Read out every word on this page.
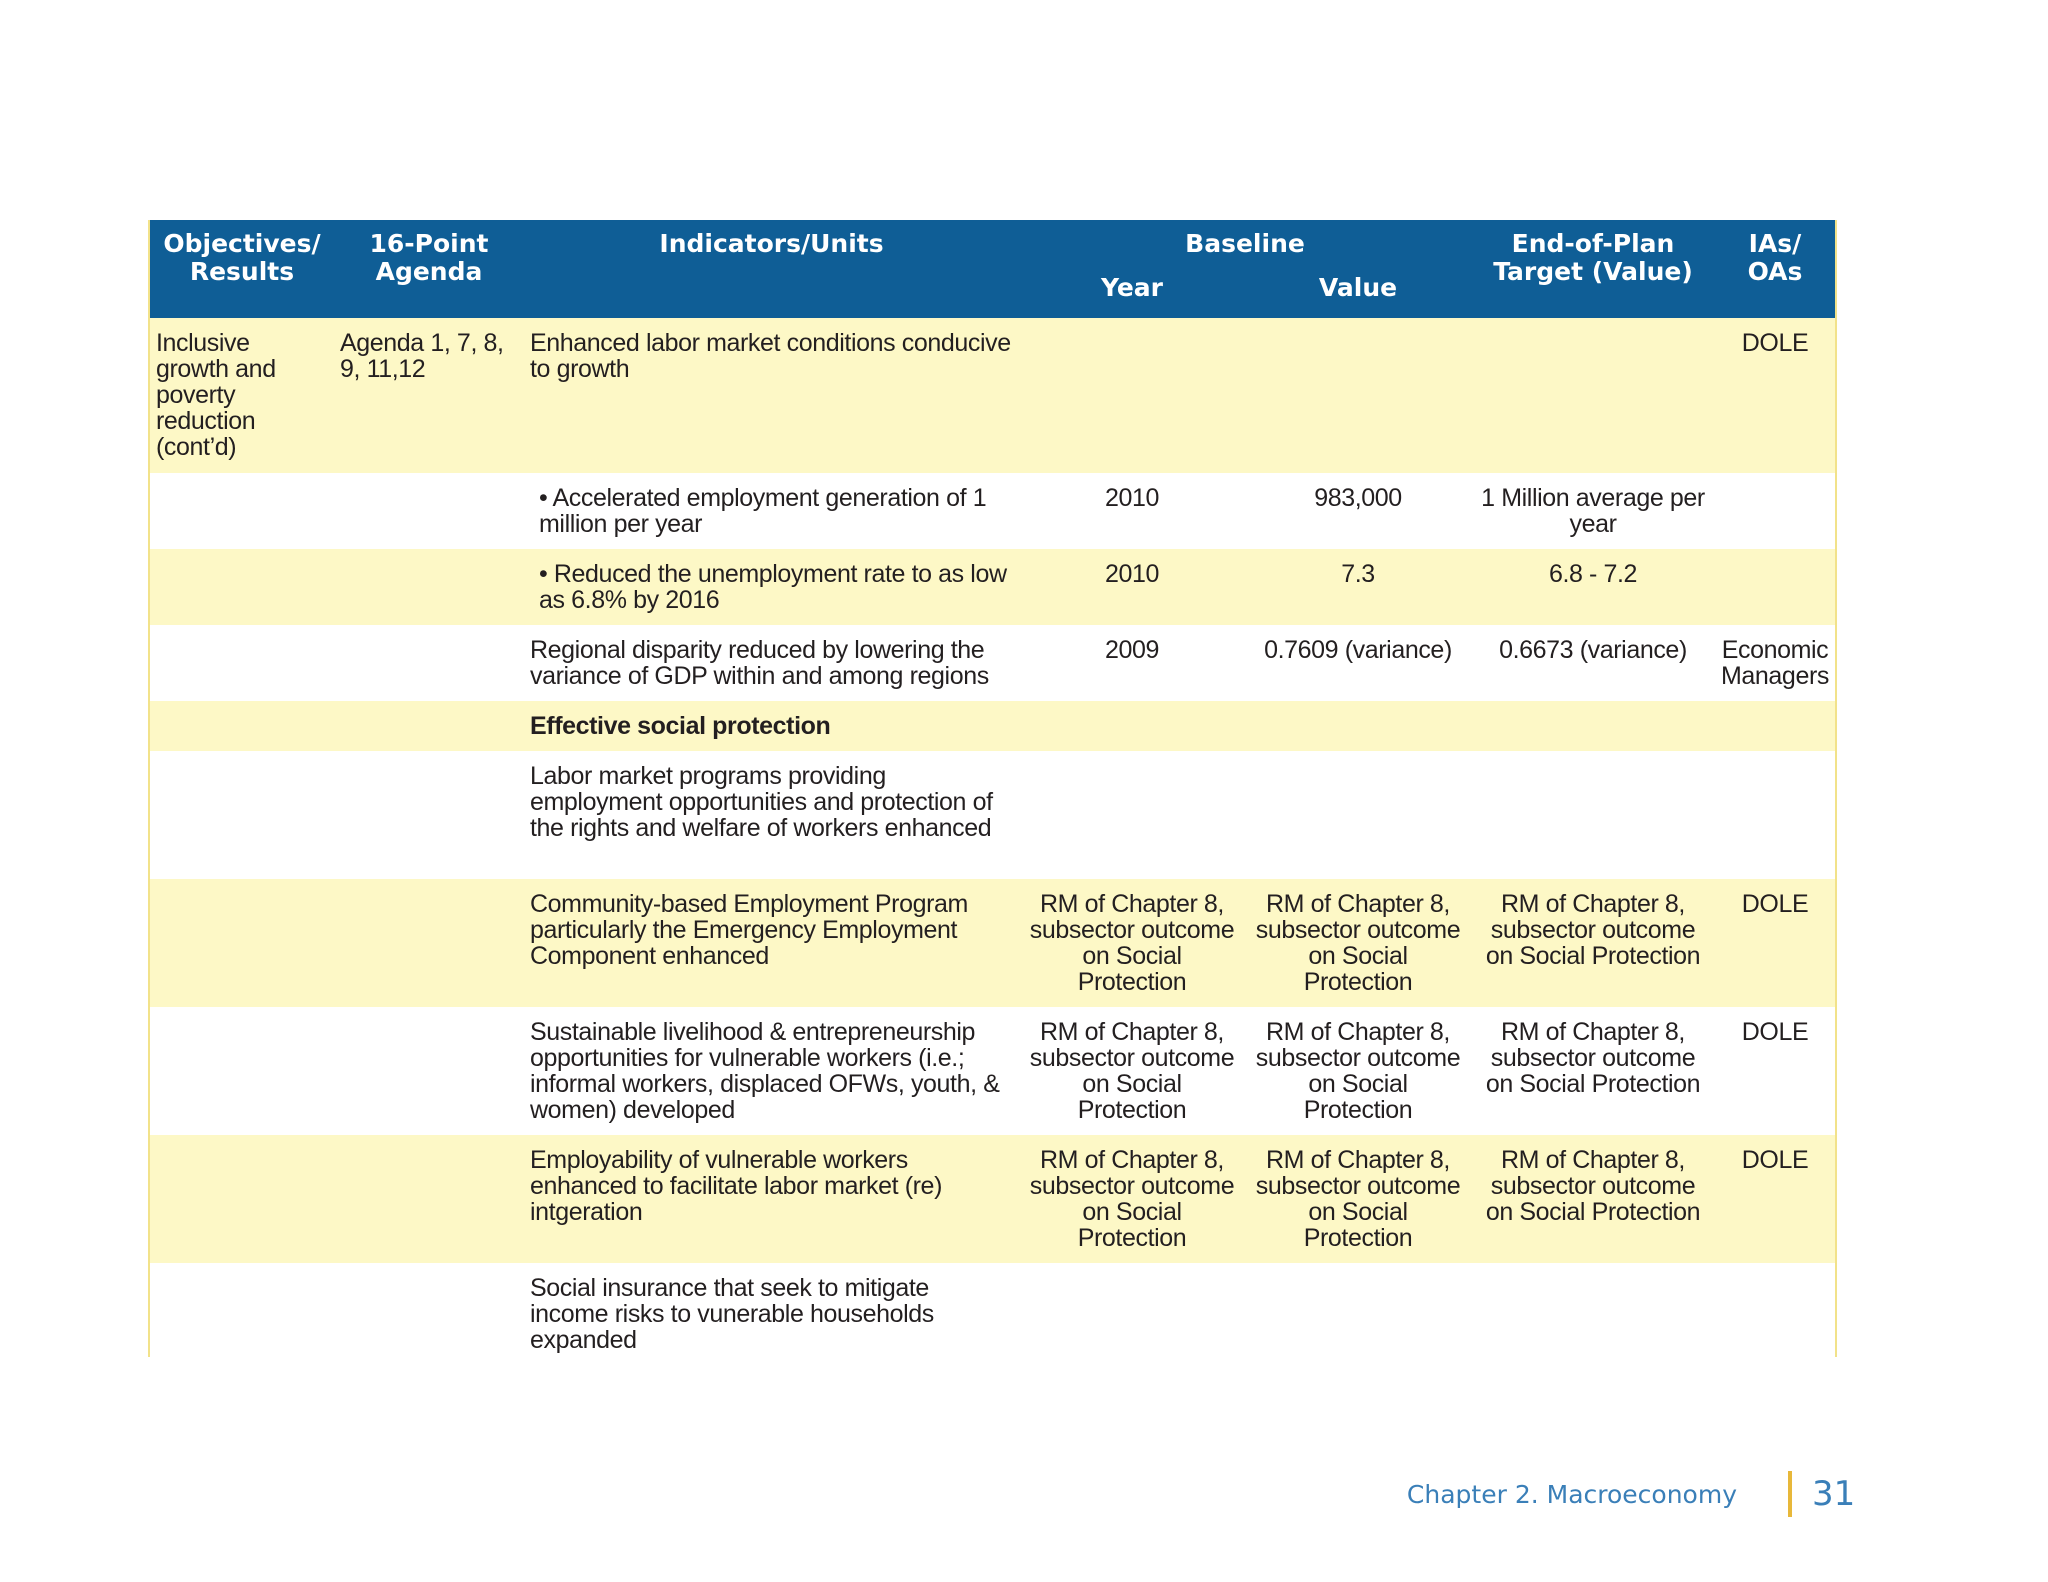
Objectives/ Results	16-Point Agenda	Indicators/Units	Baseline		End-of-Plan Target (Value)	IAs/ OAs
			Year	Value		
Inclusive growth and poverty reduction (cont’d)	Agenda 1, 7, 8, 9, 11,12	Enhanced labor market conditions conducive to growth				DOLE
		• Accelerated employment generation of 1 million per year	2010	983,000	1 Million average per year	
		• Reduced the unemployment rate to as low as 6.8% by 2016	2010	7.3	6.8 - 7.2	
		Regional disparity reduced by lowering the variance of GDP within and among regions	2009	0.7609 (variance)	0.6673 (variance)	Economic Managers
		Effective social protection				
		Labor market programs providing employment opportunities and protection of the rights and welfare of workers enhanced				
		Community-based Employment Program particularly the Emergency Employment Component enhanced	RM of Chapter 8, subsector outcome on Social Protection	RM of Chapter 8, subsector outcome on Social Protection	RM of Chapter 8, subsector outcome on Social Protection	DOLE
		Sustainable livelihood & entrepreneurship opportunities for vulnerable workers (i.e.; informal workers, displaced OFWs, youth, & women) developed	RM of Chapter 8, subsector outcome on Social Protection	RM of Chapter 8, subsector outcome on Social Protection	RM of Chapter 8, subsector outcome on Social Protection	DOLE
		Employability of vulnerable workers enhanced to facilitate labor market (re) intgeration	RM of Chapter 8, subsector outcome on Social Protection	RM of Chapter 8, subsector outcome on Social Protection	RM of Chapter 8, subsector outcome on Social Protection	DOLE
		Social insurance that seek to mitigate income risks to vunerable households expanded				
Chapter 2. Macroeconomy 31
